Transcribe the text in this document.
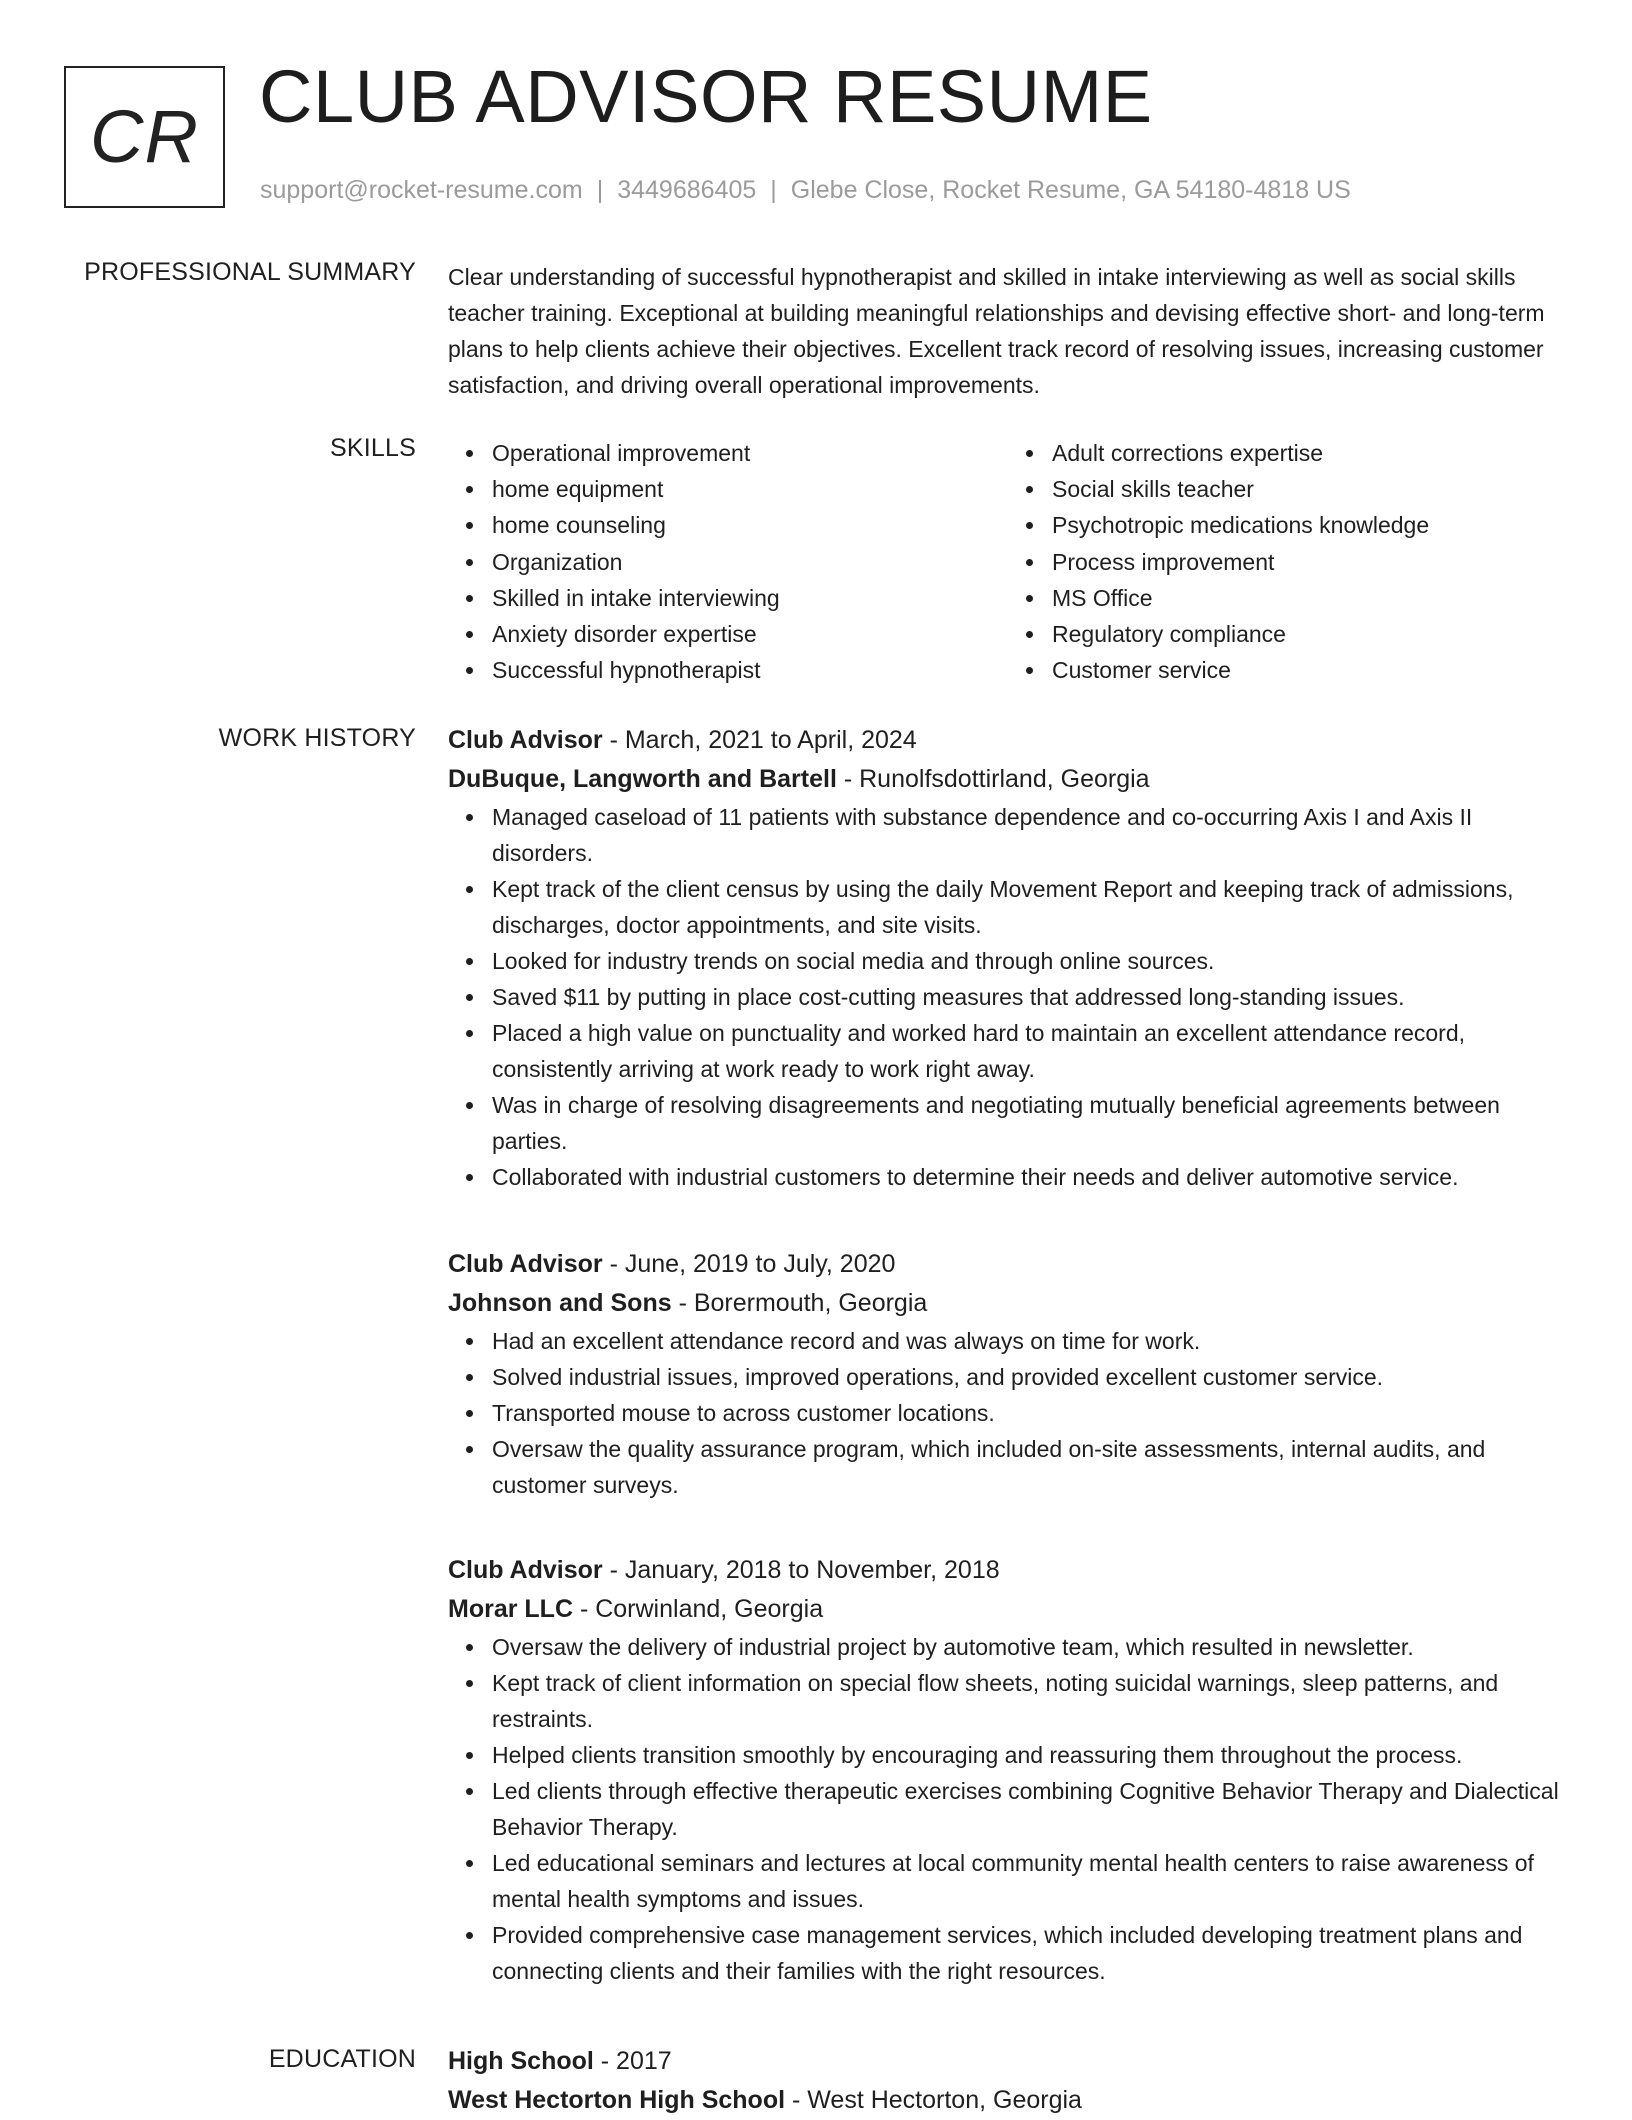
CR CLUB ADVISOR RESUME
support@rocket-resume.com | 3449686405 | Glebe Close, Rocket Resume, GA 54180-4818 US
PROFESSIONAL SUMMARY Clear understanding of successful hypnotherapist and skilled in intake interviewing as well as social skills teacher training. Exceptional at building meaningful relationships and devising effective short- and long-term plans to help clients achieve their objectives. Excellent track record of resolving issues, increasing customer satisfaction, and driving overall operational improvements.

SKILLS	Operational improvement
home equipment
home counseling
Organization
Skilled in intake interviewing
Anxiety disorder expertise
Successful hypnotherapist
Adult corrections expertise
Social skills teacher
Psychotropic medications knowledge
Process improvement
MS Office
Regulatory compliance
Customer service
WORK HISTORY Club Advisor - March, 2021 to April, 2024
DuBuque, Langworth and Bartell - Runolfsdottirland, Georgia
Managed caseload of 11 patients with substance dependence and co-occurring Axis I and Axis II disorders.
Kept track of the client census by using the daily Movement Report and keeping track of admissions, discharges, doctor appointments, and site visits.
Looked for industry trends on social media and through online sources.
Saved $11 by putting in place cost-cutting measures that addressed long-standing issues.
Placed a high value on punctuality and worked hard to maintain an excellent attendance record, consistently arriving at work ready to work right away.
Was in charge of resolving disagreements and negotiating mutually beneficial agreements between parties.
Collaborated with industrial customers to determine their needs and deliver automotive service.
Club Advisor - June, 2019 to July, 2020
Johnson and Sons - Borermouth, Georgia
Had an excellent attendance record and was always on time for work.
Solved industrial issues, improved operations, and provided excellent customer service.
Transported mouse to across customer locations.
Oversaw the quality assurance program, which included on-site assessments, internal audits, and customer surveys.
Club Advisor - January, 2018 to November, 2018
Morar LLC - Corwinland, Georgia
Oversaw the delivery of industrial project by automotive team, which resulted in newsletter.
Kept track of client information on special flow sheets, noting suicidal warnings, sleep patterns, and restraints.
Helped clients transition smoothly by encouraging and reassuring them throughout the process.
Led clients through effective therapeutic exercises combining Cognitive Behavior Therapy and Dialectical Behavior Therapy.
Led educational seminars and lectures at local community mental health centers to raise awareness of mental health symptoms and issues.
Provided comprehensive case management services, which included developing treatment plans and connecting clients and their families with the right resources.
EDUCATION High School - 2017
West Hectorton High School - West Hectorton, Georgia
